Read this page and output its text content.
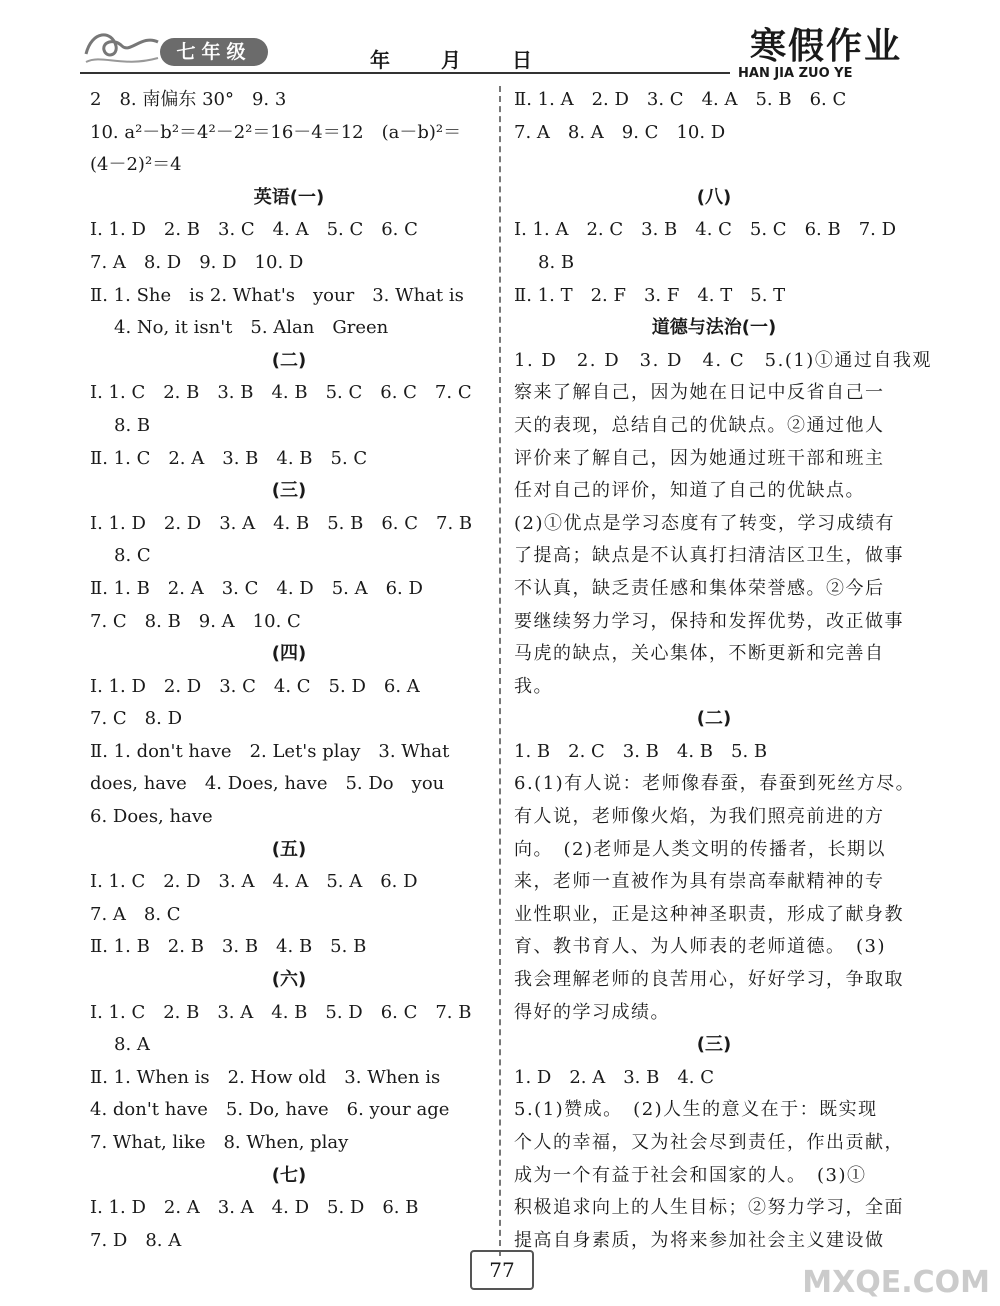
七年级	年	月	日	寒假作业
HAN JIA ZUO YE
2　8. 南偏东 30°　9. 3
10. a²－b²＝4²－2²＝16－4＝12　(a－b)²＝
(4－2)²＝4
英语(一)
Ⅰ. 1. D　2. B　3. C　4. A　5. C　6. C
7. A　8. D　9. D　10. D
Ⅱ. 1. She　is 2. What's　your　3. What is
4. No, it isn't　5. Alan　Green
(二)
Ⅰ. 1. C　2. B　3. B　4. B　5. C　6. C　7. C
8. B
Ⅱ. 1. C　2. A　3. B　4. B　5. C
(三)
Ⅰ. 1. D　2. D　3. A　4. B　5. B　6. C　7. B
8. C
Ⅱ. 1. B　2. A　3. C　4. D　5. A　6. D
7. C　8. B　9. A　10. C
(四)
Ⅰ. 1. D　2. D　3. C　4. C　5. D　6. A
7. C　8. D
Ⅱ. 1. don't have　2. Let's play　3. What
does, have　4. Does, have　5. Do　you
6. Does, have
(五)
Ⅰ. 1. C　2. D　3. A　4. A　5. A　6. D
7. A　8. C
Ⅱ. 1. B　2. B　3. B　4. B　5. B
(六)
Ⅰ. 1. C　2. B　3. A　4. B　5. D　6. C　7. B
8. A
Ⅱ. 1. When is　2. How old　3. When is
4. don't have　5. Do, have　6. your age
7. What, like　8. When, play
(七)
Ⅰ. 1. D　2. A　3. A　4. D　5. D　6. B
7. D　8. A
Ⅱ. 1. A　2. D　3. C　4. A　5. B　6. C
7. A　8. A　9. C　10. D
(八)
Ⅰ. 1. A　2. C　3. B　4. C　5. C　6. B　7. D
8. B
Ⅱ. 1. T　2. F　3. F　4. T　5. T
道德与法治(一)
1. D　2. D　3. D　4. C　5.(1)①通过自我观
察来了解自己，因为她在日记中反省自己一
天的表现，总结自己的优缺点。②通过他人
评价来了解自己，因为她通过班干部和班主
任对自己的评价，知道了自己的优缺点。
(2)①优点是学习态度有了转变，学习成绩有
了提高；缺点是不认真打扫清洁区卫生，做事
不认真，缺乏责任感和集体荣誉感。②今后
要继续努力学习，保持和发挥优势，改正做事
马虎的缺点，关心集体，不断更新和完善自
我。
(二)
1. B　2. C　3. B　4. B　5. B
6.(1)有人说：老师像春蚕，春蚕到死丝方尽。
有人说，老师像火焰，为我们照亮前进的方
向。　(2)老师是人类文明的传播者，长期以
来，老师一直被作为具有崇高奉献精神的专
业性职业，正是这种神圣职责，形成了献身教
育、教书育人、为人师表的老师道德。　(3)
我会理解老师的良苦用心，好好学习，争取取
得好的学习成绩。
(三)
1. D　2. A　3. B　4. C
5.(1)赞成。　(2)人生的意义在于：既实现
个人的幸福，又为社会尽到责任，作出贡献，
成为一个有益于社会和国家的人。　(3)①
积极追求向上的人生目标；②努力学习，全面
提高自身素质，为将来参加社会主义建设做
77	MXQE.COM
